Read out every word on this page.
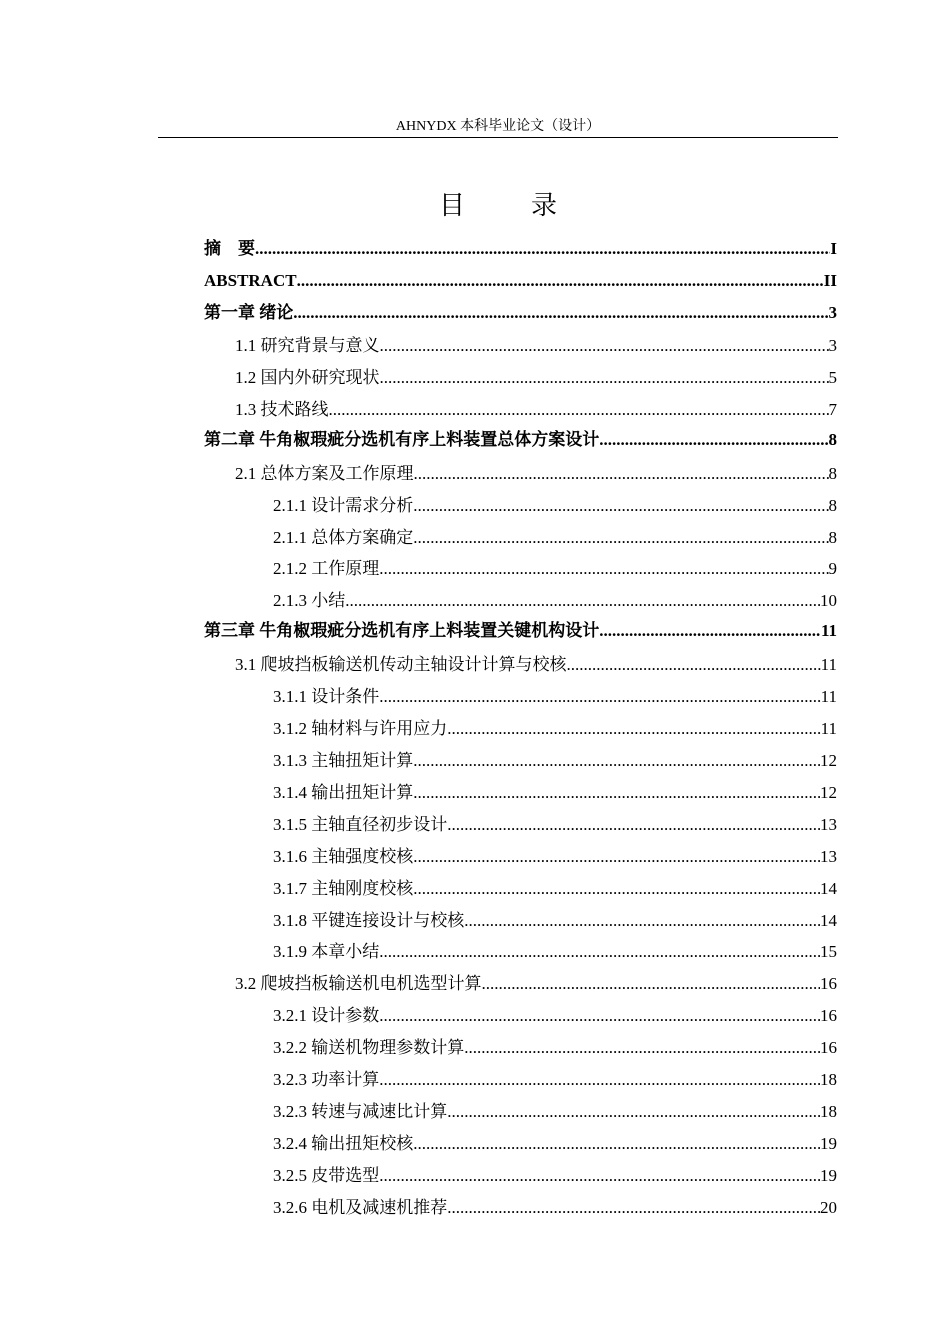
AHNYDX 本科毕业论文（设计）
目　录
摘　要 .....	I
ABSTRACT .....	II
第一章 绪论 .....	3
1.1 研究背景与意义 .....	3
1.2 国内外研究现状 .....	5
1.3 技术路线 .....	7
第二章 牛角椒瑕疵分选机有序上料装置总体方案设计 .....	8
2.1 总体方案及工作原理 .....	8
2.1.1 设计需求分析 .....	8
2.1.1 总体方案确定 .....	8
2.1.2 工作原理 .....	9
2.1.3 小结 .....	10
第三章 牛角椒瑕疵分选机有序上料装置关键机构设计 .....	11
3.1 爬坡挡板输送机传动主轴设计计算与校核 .....	11
3.1.1 设计条件 .....	11
3.1.2 轴材料与许用应力 .....	11
3.1.3 主轴扭矩计算 .....	12
3.1.4 输出扭矩计算 .....	12
3.1.5 主轴直径初步设计 .....	13
3.1.6 主轴强度校核 .....	13
3.1.7 主轴刚度校核 .....	14
3.1.8 平键连接设计与校核 .....	14
3.1.9 本章小结 .....	15
3.2 爬坡挡板输送机电机选型计算 .....	16
3.2.1 设计参数 .....	16
3.2.2 输送机物理参数计算 .....	16
3.2.3 功率计算 .....	18
3.2.3 转速与减速比计算 .....	18
3.2.4 输出扭矩校核 .....	19
3.2.5 皮带选型 .....	19
3.2.6 电机及减速机推荐 .....	20
